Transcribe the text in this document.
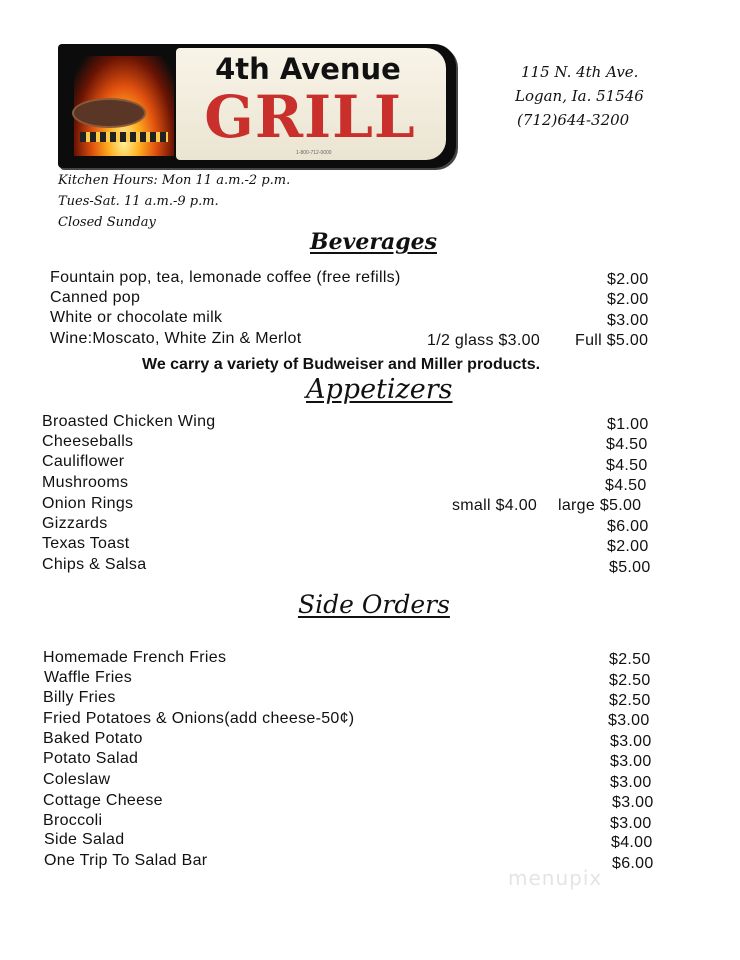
4th Avenue
GRILL
1-800-712-0000
115 N. 4th Ave.
Logan, Ia. 51546
(712)644-3200
Kitchen Hours: Mon 11 a.m.-2 p.m.
Tues-Sat. 11 a.m.-9 p.m.
Closed Sunday
Beverages
Fountain pop, tea, lemonade coffee (free refills)	$2.00
Canned pop	$2.00
White or chocolate milk	$3.00
Wine:Moscato, White Zin & Merlot	1/2 glass $3.00 Full $5.00
We carry a variety of Budweiser and Miller products.
Appetizers
Broasted Chicken Wing	$1.00
Cheeseballs	$4.50
Cauliflower	$4.50
Mushrooms	$4.50
Onion Rings	small $4.00 large $5.00
Gizzards	$6.00
Texas Toast	$2.00
Chips & Salsa	$5.00
Side Orders
Homemade French Fries	$2.50
Waffle Fries	$2.50
Billy Fries	$2.50
Fried Potatoes & Onions(add cheese-50¢)	$3.00
Baked Potato	$3.00
Potato Salad	$3.00
Coleslaw	$3.00
Cottage Cheese	$3.00
Broccoli	$3.00
Side Salad	$4.00
One Trip To Salad Bar	$6.00
menupix
